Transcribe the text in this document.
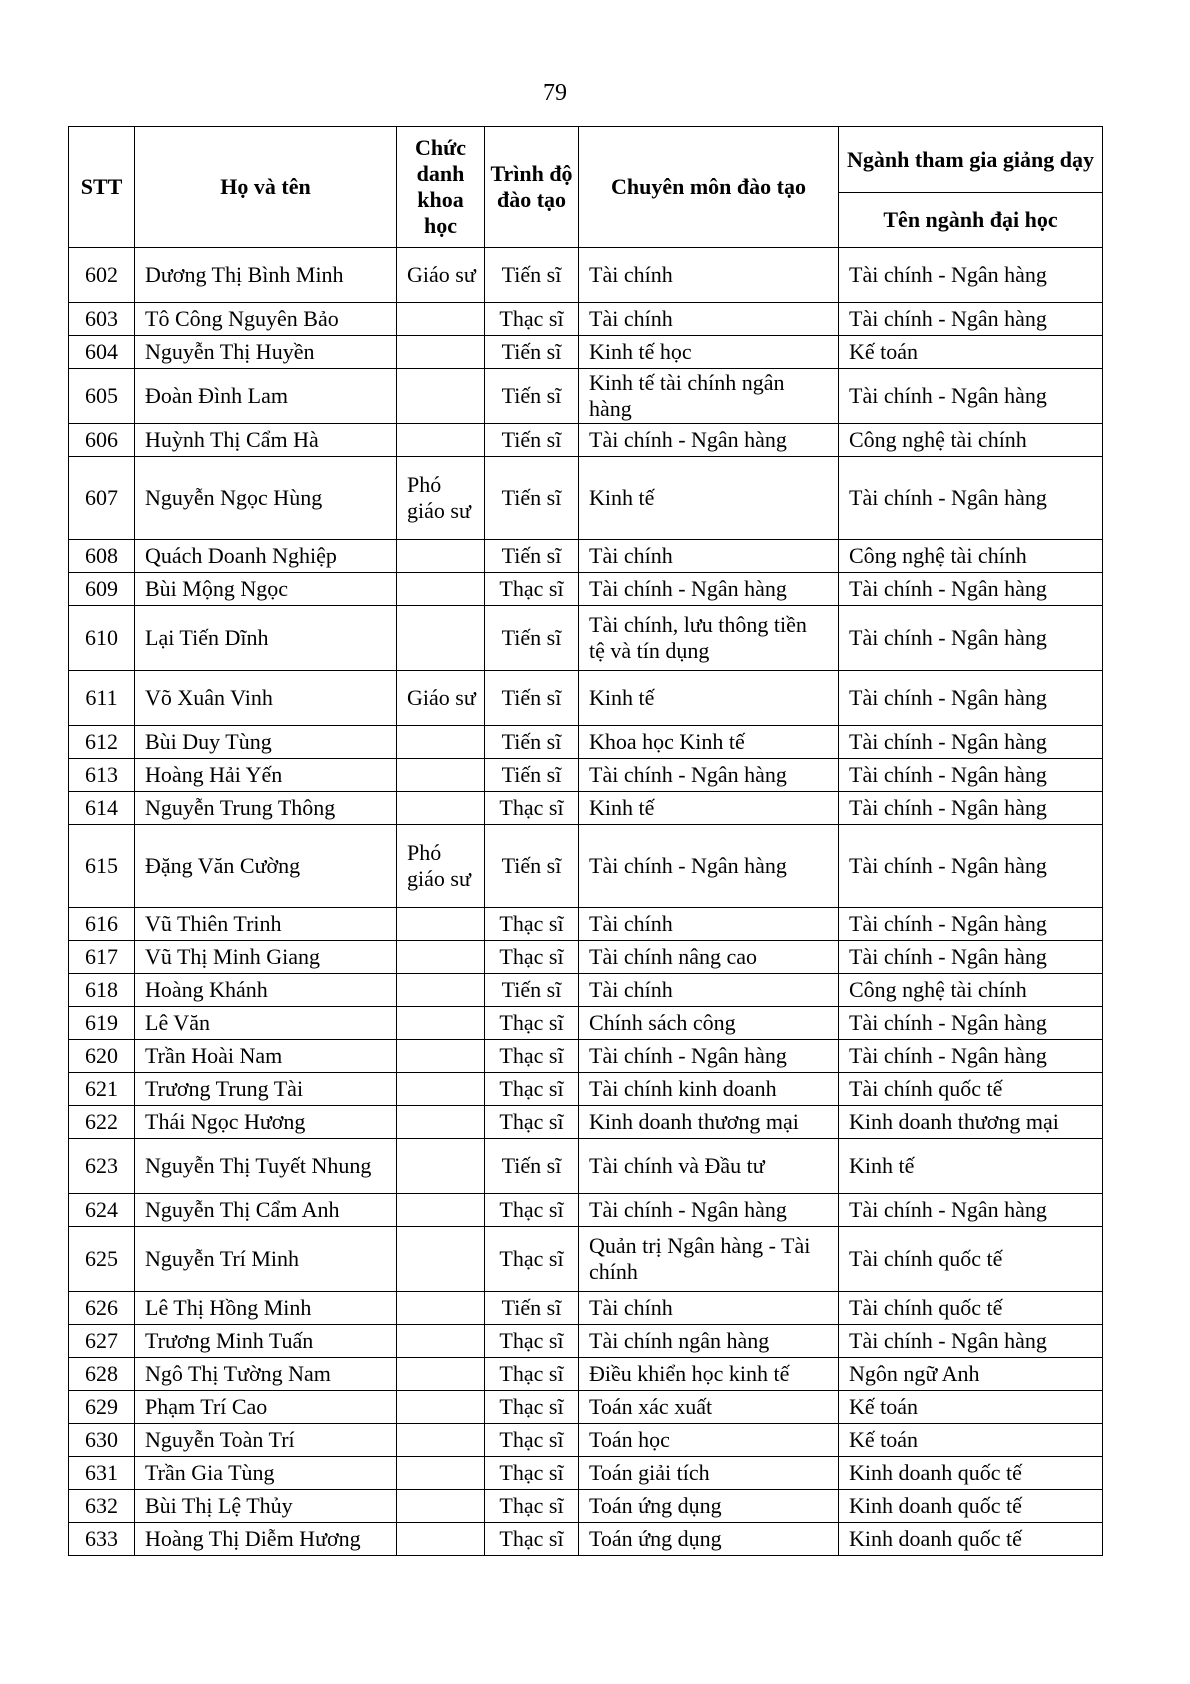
79
STT	Họ và tên	Chức danh khoa học	Trình độ đào tạo	Chuyên môn đào tạo	Ngành tham gia giảng dạy
					Tên ngành đại học
602	Dương Thị Bình Minh	Giáo sư	Tiến sĩ	Tài chính	Tài chính - Ngân hàng
603	Tô Công Nguyên Bảo		Thạc sĩ	Tài chính	Tài chính - Ngân hàng
604	Nguyễn Thị Huyền		Tiến sĩ	Kinh tế học	Kế toán
605	Đoàn Đình Lam		Tiến sĩ	Kinh tế tài chính ngân hàng	Tài chính - Ngân hàng
606	Huỳnh Thị Cẩm Hà		Tiến sĩ	Tài chính - Ngân hàng	Công nghệ tài chính
607	Nguyễn Ngọc Hùng	Phó giáo sư	Tiến sĩ	Kinh tế	Tài chính - Ngân hàng
608	Quách Doanh Nghiệp		Tiến sĩ	Tài chính	Công nghệ tài chính
609	Bùi Mộng Ngọc		Thạc sĩ	Tài chính - Ngân hàng	Tài chính - Ngân hàng
610	Lại Tiến Dĩnh		Tiến sĩ	Tài chính, lưu thông tiền tệ và tín dụng	Tài chính - Ngân hàng
611	Võ Xuân Vinh	Giáo sư	Tiến sĩ	Kinh tế	Tài chính - Ngân hàng
612	Bùi Duy Tùng		Tiến sĩ	Khoa học Kinh tế	Tài chính - Ngân hàng
613	Hoàng Hải Yến		Tiến sĩ	Tài chính - Ngân hàng	Tài chính - Ngân hàng
614	Nguyễn Trung Thông		Thạc sĩ	Kinh tế	Tài chính - Ngân hàng
615	Đặng Văn Cường	Phó giáo sư	Tiến sĩ	Tài chính - Ngân hàng	Tài chính - Ngân hàng
616	Vũ Thiên Trinh		Thạc sĩ	Tài chính	Tài chính - Ngân hàng
617	Vũ Thị Minh Giang		Thạc sĩ	Tài chính nâng cao	Tài chính - Ngân hàng
618	Hoàng Khánh		Tiến sĩ	Tài chính	Công nghệ tài chính
619	Lê Văn		Thạc sĩ	Chính sách công	Tài chính - Ngân hàng
620	Trần Hoài Nam		Thạc sĩ	Tài chính - Ngân hàng	Tài chính - Ngân hàng
621	Trương Trung Tài		Thạc sĩ	Tài chính kinh doanh	Tài chính quốc tế
622	Thái Ngọc Hương		Thạc sĩ	Kinh doanh thương mại	Kinh doanh thương mại
623	Nguyễn Thị Tuyết Nhung		Tiến sĩ	Tài chính và Đầu tư	Kinh tế
624	Nguyễn Thị Cẩm Anh		Thạc sĩ	Tài chính - Ngân hàng	Tài chính - Ngân hàng
625	Nguyễn Trí Minh		Thạc sĩ	Quản trị Ngân hàng - Tài chính	Tài chính quốc tế
626	Lê Thị Hồng Minh		Tiến sĩ	Tài chính	Tài chính quốc tế
627	Trương Minh Tuấn		Thạc sĩ	Tài chính ngân hàng	Tài chính - Ngân hàng
628	Ngô Thị Tường Nam		Thạc sĩ	Điều khiển học kinh tế	Ngôn ngữ Anh
629	Phạm Trí Cao		Thạc sĩ	Toán xác xuất	Kế toán
630	Nguyễn Toàn Trí		Thạc sĩ	Toán học	Kế toán
631	Trần Gia Tùng		Thạc sĩ	Toán giải tích	Kinh doanh quốc tế
632	Bùi Thị Lệ Thủy		Thạc sĩ	Toán ứng dụng	Kinh doanh quốc tế
633	Hoàng Thị Diễm Hương		Thạc sĩ	Toán ứng dụng	Kinh doanh quốc tế
